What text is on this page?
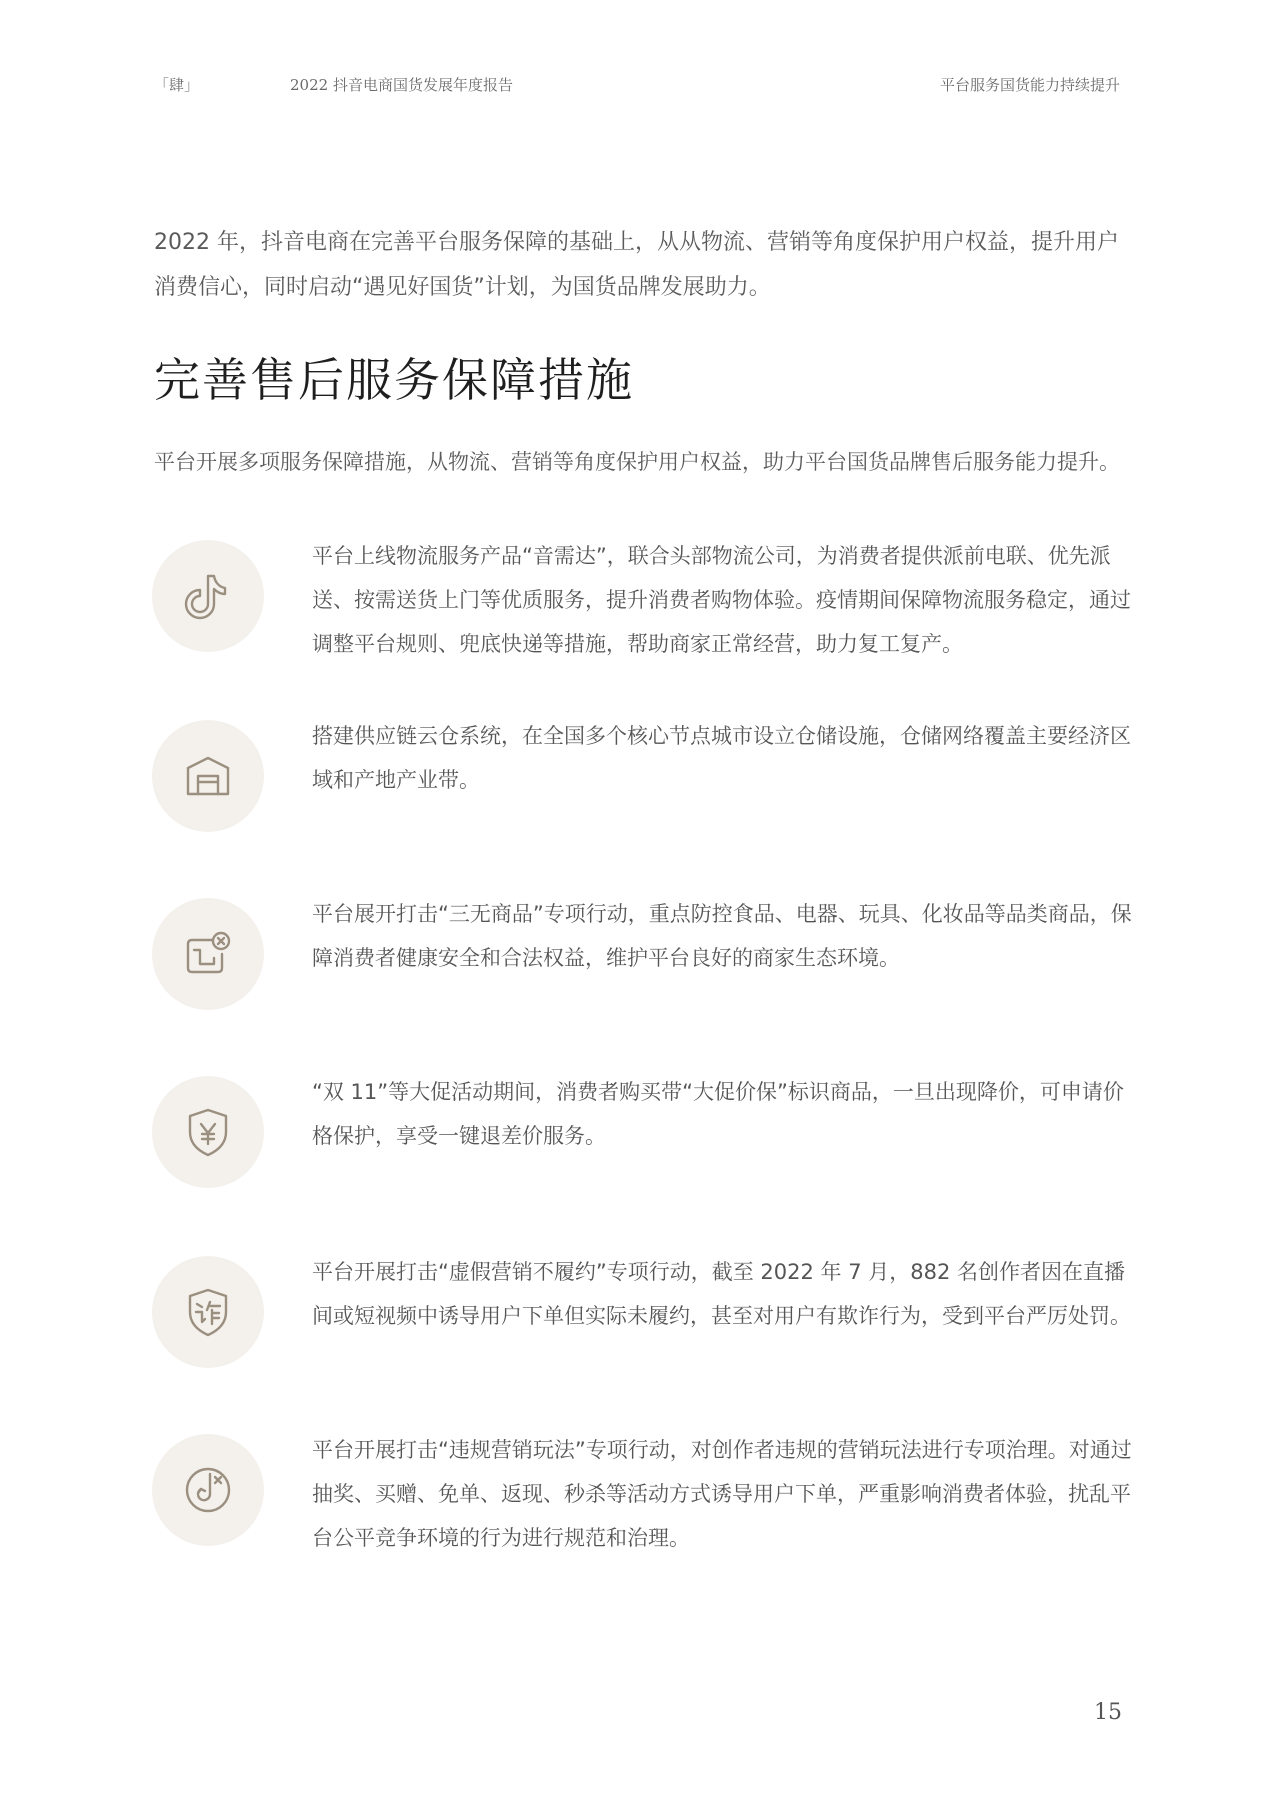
「肆」	2022 抖音电商国货发展年度报告	平台服务国货能力持续提升

2022 年，抖音电商在完善平台服务保障的基础上，从从物流、营销等角度保护用户权益，提升用户消费信心，同时启动“遇见好国货”计划，为国货品牌发展助力。

完善售后服务保障措施

平台开展多项服务保障措施，从物流、营销等角度保护用户权益，助力平台国货品牌售后服务能力提升。

平台上线物流服务产品“音需达”，联合头部物流公司，为消费者提供派前电联、优先派送、按需送货上门等优质服务，提升消费者购物体验。疫情期间保障物流服务稳定，通过调整平台规则、兜底快递等措施，帮助商家正常经营，助力复工复产。

搭建供应链云仓系统，在全国多个核心节点城市设立仓储设施，仓储网络覆盖主要经济区域和产地产业带。

平台展开打击“三无商品”专项行动，重点防控食品、电器、玩具、化妆品等品类商品，保障消费者健康安全和合法权益，维护平台良好的商家生态环境。

“双 11”等大促活动期间，消费者购买带“大促价保”标识商品，一旦出现降价，可申请价格保护，享受一键退差价服务。

平台开展打击“虚假营销不履约”专项行动，截至 2022 年 7 月，882 名创作者因在直播间或短视频中诱导用户下单但实际未履约，甚至对用户有欺诈行为，受到平台严厉处罚。

平台开展打击“违规营销玩法”专项行动，对创作者违规的营销玩法进行专项治理。对通过抽奖、买赠、免单、返现、秒杀等活动方式诱导用户下单，严重影响消费者体验，扰乱平台公平竞争环境的行为进行规范和治理。

15
